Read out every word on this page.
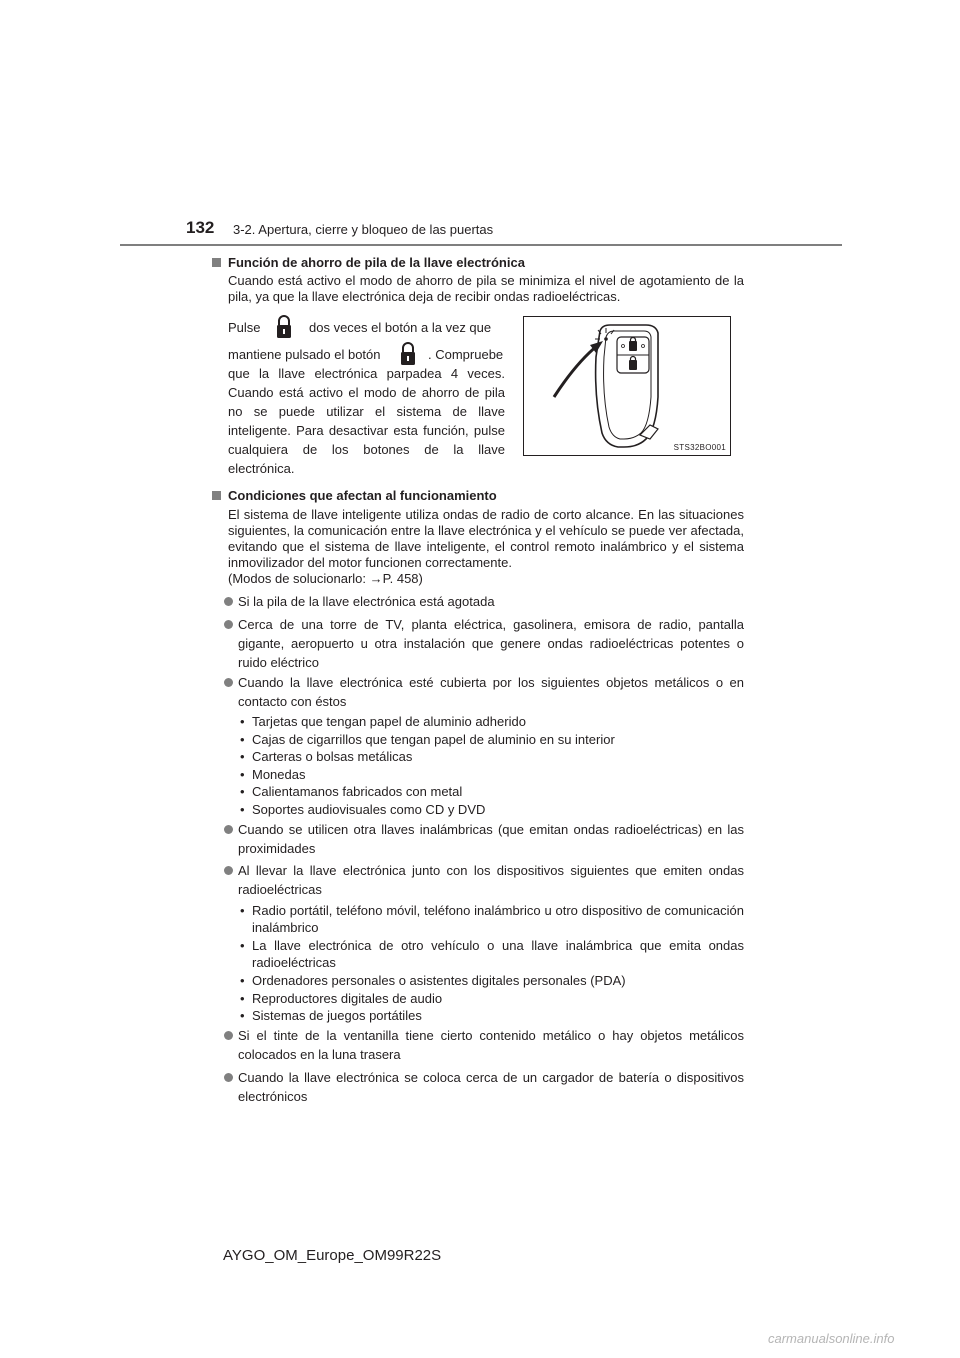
132 3-2. Apertura, cierre y bloqueo de las puertas
Función de ahorro de pila de la llave electrónica
Cuando está activo el modo de ahorro de pila se minimiza el nivel de agotamiento de la pila, ya que la llave electrónica deja de recibir ondas radioeléctricas.
Pulse	dos veces el botón a la vez que
mantiene pulsado el botón	. Compruebe
que la llave electrónica parpadea 4 veces. Cuando está activo el modo de ahorro de pila no se puede utilizar el sistema de llave inteligente. Para desactivar esta función, pulse cualquiera de los botones de la llave electrónica.
STS32BO001
Condiciones que afectan al funcionamiento
El sistema de llave inteligente utiliza ondas de radio de corto alcance. En las situaciones siguientes, la comunicación entre la llave electrónica y el vehículo se puede ver afectada, evitando que el sistema de llave inteligente, el control remoto inalámbrico y el sistema inmovilizador del motor funcionen correctamente.
(Modos de solucionarlo: →P. 458)
Si la pila de la llave electrónica está agotada
Cerca de una torre de TV, planta eléctrica, gasolinera, emisora de radio, pantalla gigante, aeropuerto u otra instalación que genere ondas radioeléctricas potentes o ruido eléctrico
Cuando la llave electrónica esté cubierta por los siguientes objetos metálicos o en contacto con éstos
• Tarjetas que tengan papel de aluminio adherido
• Cajas de cigarrillos que tengan papel de aluminio en su interior
• Carteras o bolsas metálicas
• Monedas
• Calientamanos fabricados con metal
• Soportes audiovisuales como CD y DVD
Cuando se utilicen otra llaves inalámbricas (que emitan ondas radioeléctricas) en las proximidades
Al llevar la llave electrónica junto con los dispositivos siguientes que emiten ondas radioeléctricas
• Radio portátil, teléfono móvil, teléfono inalámbrico u otro dispositivo de comunicación inalámbrico
• La llave electrónica de otro vehículo o una llave inalámbrica que emita ondas radioeléctricas
• Ordenadores personales o asistentes digitales personales (PDA)
• Reproductores digitales de audio
• Sistemas de juegos portátiles
Si el tinte de la ventanilla tiene cierto contenido metálico o hay objetos metálicos colocados en la luna trasera
Cuando la llave electrónica se coloca cerca de un cargador de batería o dispositivos electrónicos
AYGO_OM_Europe_OM99R22S
carmanualsonline.info
